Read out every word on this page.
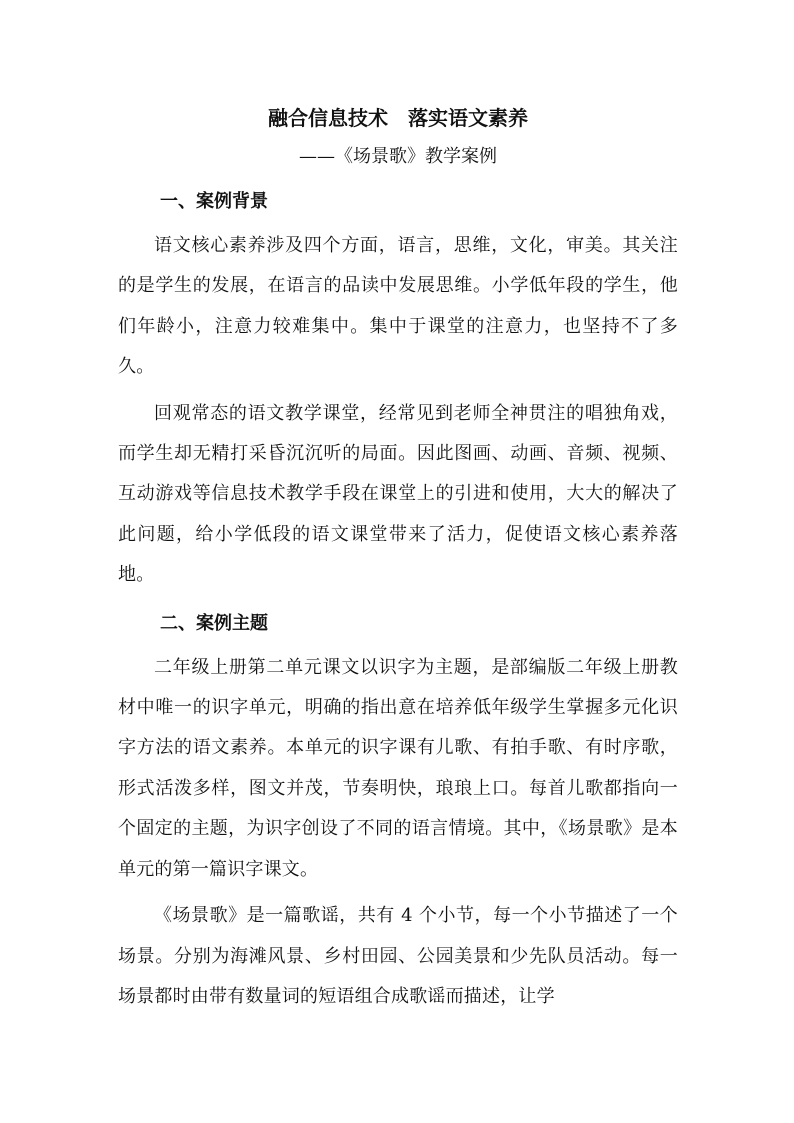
融合信息技术　落实语文素养
——《场景歌》教学案例
一、案例背景

语文核心素养涉及四个方面，语言，思维，文化，审美。其关注的是学生的发展，在语言的品读中发展思维。小学低年段的学生，他们年龄小，注意力较难集中。集中于课堂的注意力，也坚持不了多久。

回观常态的语文教学课堂，经常见到老师全神贯注的唱独角戏，而学生却无精打采昏沉沉听的局面。因此图画、动画、音频、视频、互动游戏等信息技术教学手段在课堂上的引进和使用，大大的解决了此问题，给小学低段的语文课堂带来了活力，促使语文核心素养落地。

二、案例主题

二年级上册第二单元课文以识字为主题，是部编版二年级上册教材中唯一的识字单元，明确的指出意在培养低年级学生掌握多元化识字方法的语文素养。本单元的识字课有儿歌、有拍手歌、有时序歌，形式活泼多样，图文并茂，节奏明快，琅琅上口。每首儿歌都指向一个固定的主题，为识字创设了不同的语言情境。其中，《场景歌》是本单元的第一篇识字课文。

《场景歌》是一篇歌谣，共有 4 个小节，每一个小节描述了一个场景。分别为海滩风景、乡村田园、公园美景和少先队员活动。每一场景都时由带有数量词的短语组合成歌谣而描述，让学
